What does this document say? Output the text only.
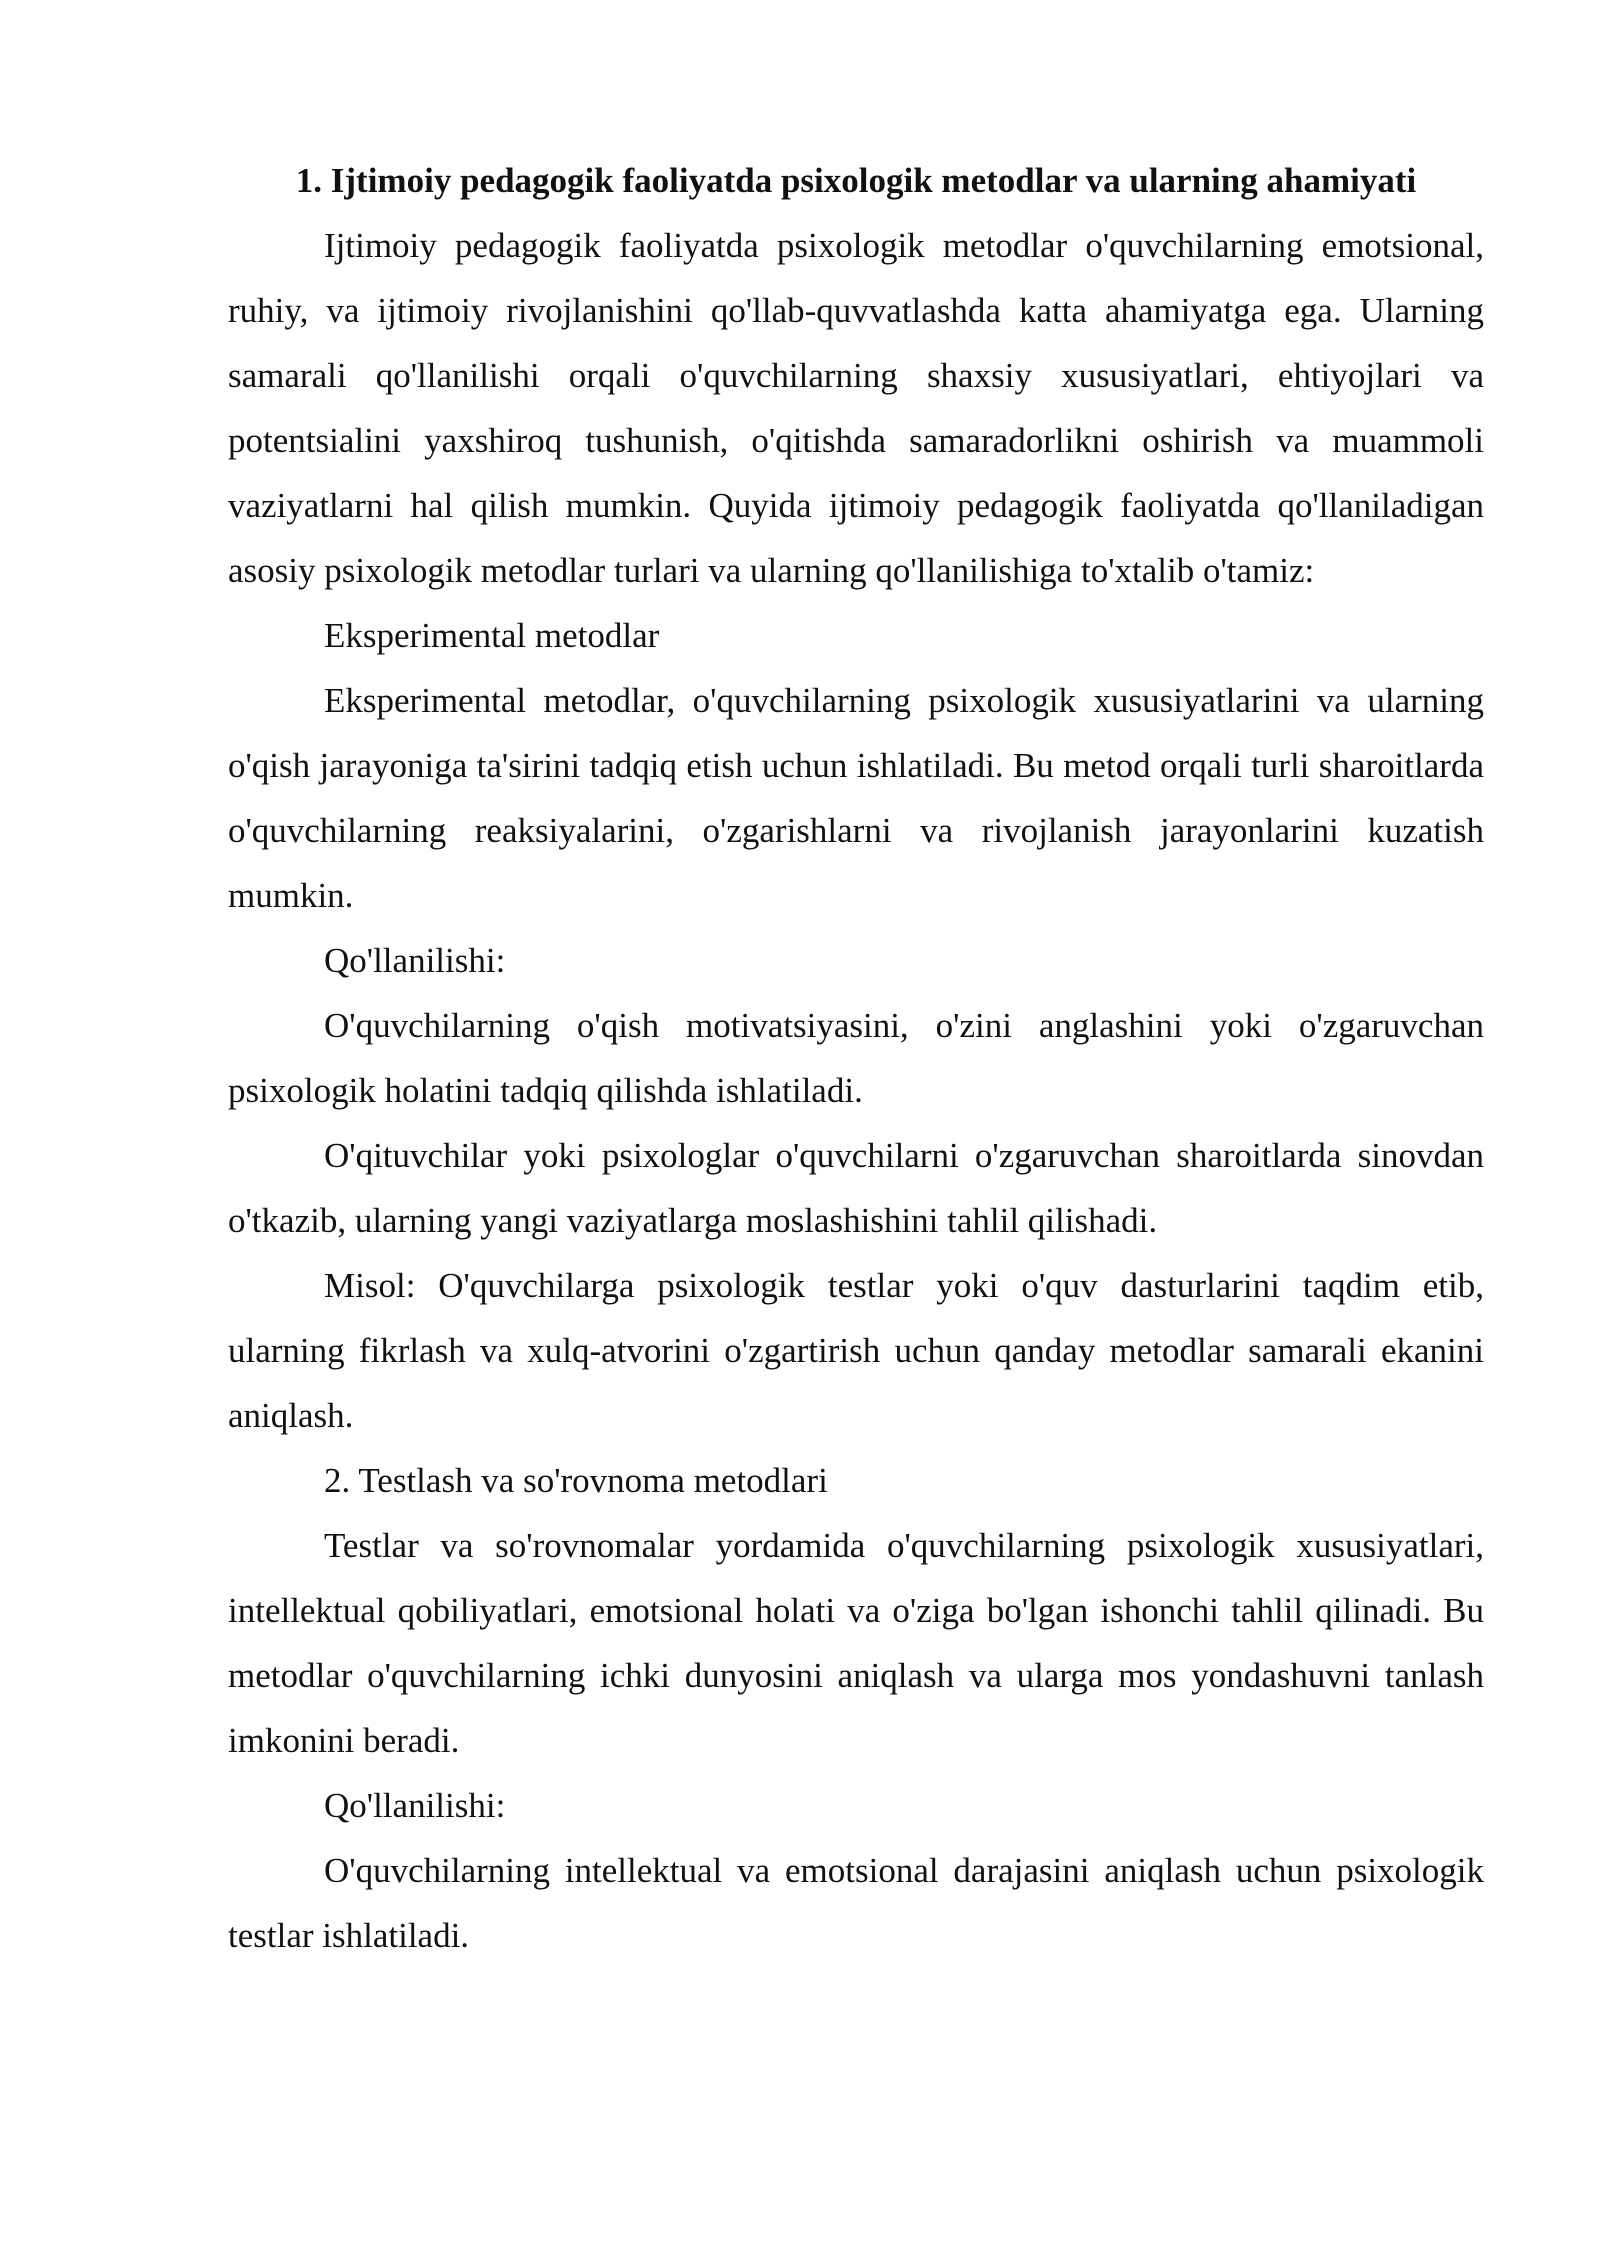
1. Ijtimoiy pedagogik faoliyatda psixologik metodlar va ularning ahamiyati

Ijtimoiy pedagogik faoliyatda psixologik metodlar o'quvchilarning emotsional, ruhiy, va ijtimoiy rivojlanishini qo'llab-quvvatlashda katta ahamiyatga ega. Ularning samarali qo'llanilishi orqali o'quvchilarning shaxsiy xususiyatlari, ehtiyojlari va potentsialini yaxshiroq tushunish, o'qitishda samaradorlikni oshirish va muammoli vaziyatlarni hal qilish mumkin. Quyida ijtimoiy pedagogik faoliyatda qo'llaniladigan asosiy psixologik metodlar turlari va ularning qo'llanilishiga to'xtalib o'tamiz:

Eksperimental metodlar

Eksperimental metodlar, o'quvchilarning psixologik xususiyatlarini va ularning o'qish jarayoniga ta'sirini tadqiq etish uchun ishlatiladi. Bu metod orqali turli sharoitlarda o'quvchilarning reaksiyalarini, o'zgarishlarni va rivojlanish jarayonlarini kuzatish mumkin.

Qo'llanilishi:

O'quvchilarning o'qish motivatsiyasini, o'zini anglashini yoki o'zgaruvchan psixologik holatini tadqiq qilishda ishlatiladi.

O'qituvchilar yoki psixologlar o'quvchilarni o'zgaruvchan sharoitlarda sinovdan o'tkazib, ularning yangi vaziyatlarga moslashishini tahlil qilishadi.

Misol: O'quvchilarga psixologik testlar yoki o'quv dasturlarini taqdim etib, ularning fikrlash va xulq-atvorini o'zgartirish uchun qanday metodlar samarali ekanini aniqlash.

2. Testlash va so'rovnoma metodlari

Testlar va so'rovnomalar yordamida o'quvchilarning psixologik xususiyatlari, intellektual qobiliyatlari, emotsional holati va o'ziga bo'lgan ishonchi tahlil qilinadi. Bu metodlar o'quvchilarning ichki dunyosini aniqlash va ularga mos yondashuvni tanlash imkonini beradi.

Qo'llanilishi:

O'quvchilarning intellektual va emotsional darajasini aniqlash uchun psixologik testlar ishlatiladi.
